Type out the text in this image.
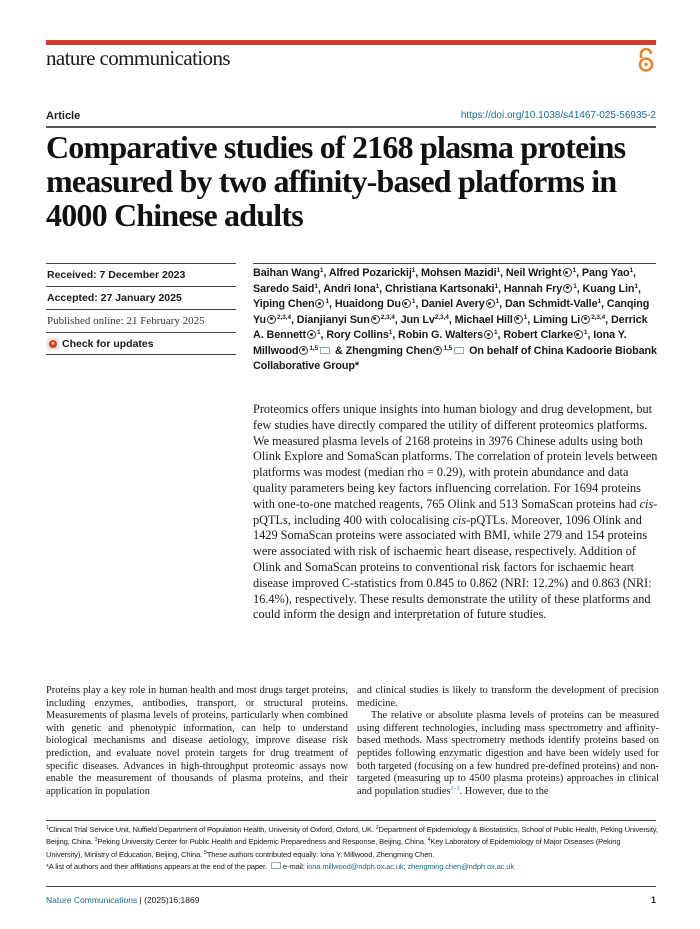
nature communications
Article	https://doi.org/10.1038/s41467-025-56935-2
Comparative studies of 2168 plasma proteins measured by two affinity-based platforms in 4000 Chinese adults
Received: 7 December 2023
Accepted: 27 January 2025
Published online: 21 February 2025
Check for updates
Baihan Wang$^1$, Alfred Pozarickij$^1$, Mohsen Mazidi$^1$, Neil Wright $^1$, Pang Yao$^1$, Saredo Said$^1$, Andri Iona$^1$, Christiana Kartsonaki$^1$, Hannah Fry $^1$, Kuang Lin$^1$, Yiping Chen $^1$, Huaidong Du $^1$, Daniel Avery $^1$, Dan Schmidt-Valle$^1$, Canqing Yu $^{2,3,4}$, Dianjianyi Sun $^{2,3,4}$, Jun Lv$^{2,3,4}$, Michael Hill $^1$, Liming Li $^{2,3,4}$, Derrick A. Bennett $^1$, Rory Collins$^1$, Robin G. Walters $^1$, Robert Clarke $^1$, Iona Y. Millwood $^{1,5}$ & Zhengming Chen $^{1,5}$ On behalf of China Kadoorie Biobank Collaborative Group*
Proteomics offers unique insights into human biology and drug development, but few studies have directly compared the utility of different proteomics platforms. We measured plasma levels of 2168 proteins in 3976 Chinese adults using both Olink Explore and SomaScan platforms. The correlation of protein levels between platforms was modest (median rho = 0.29), with protein abundance and data quality parameters being key factors influencing correlation. For 1694 proteins with one-to-one matched reagents, 765 Olink and 513 SomaScan proteins had cis-pQTLs, including 400 with colocalising cis-pQTLs. Moreover, 1096 Olink and 1429 SomaScan proteins were associated with BMI, while 279 and 154 proteins were associated with risk of ischaemic heart disease, respectively. Addition of Olink and SomaScan proteins to conventional risk factors for ischaemic heart disease improved C-statistics from 0.845 to 0.862 (NRI: 12.2%) and 0.863 (NRI: 16.4%), respectively. These results demonstrate the utility of these platforms and could inform the design and interpretation of future studies.

Proteins play a key role in human health and most drugs target proteins, including enzymes, antibodies, transport, or structural proteins. Measurements of plasma levels of proteins, particularly when combined with genetic and phenotypic information, can help to understand biological mechanisms and disease aetiology, improve disease risk prediction, and evaluate novel protein targets for drug treatment of specific diseases. Advances in high-throughput proteomic assays now enable the measurement of thousands of plasma proteins, and their application in population

and clinical studies is likely to transform the development of precision medicine.

The relative or absolute plasma levels of proteins can be measured using different technologies, including mass spectrometry and affinity-based methods. Mass spectrometry methods identify proteins based on peptides following enzymatic digestion and have been widely used for both targeted (focusing on a few hundred pre-defined proteins) and non-targeted (measuring up to 4500 plasma proteins) approaches in clinical and population studies$^{1-3}$. However, due to the

$^1$Clinical Trial Service Unit, Nuffield Department of Population Health, University of Oxford, Oxford, UK. $^2$Department of Epidemiology & Biostatistics, School of Public Health, Peking University, Beijing, China. $^3$Peking University Center for Public Health and Epidemic Preparedness and Response, Beijing, China. $^4$Key Laboratory of Epidemiology of Major Diseases (Peking University), Ministry of Education, Beijing, China. $^5$These authors contributed equally: Iona Y. Millwood, Zhengming Chen.
*A list of authors and their affiliations appears at the end of the paper. e-mail: iona.millwood@ndph.ox.ac.uk; zhengming.chen@ndph.ox.ac.uk
Nature Communications | (2025)16:1869	1
